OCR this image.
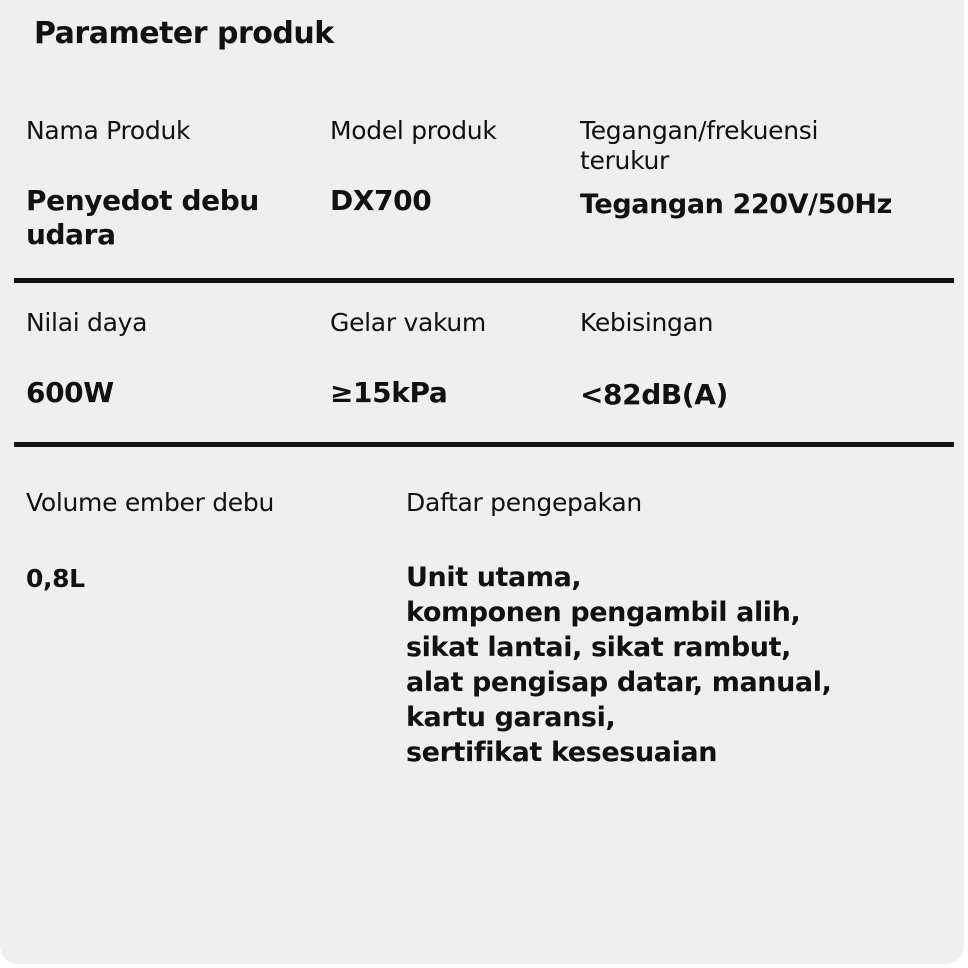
Parameter produk
Nama Produk
Penyedot debu
udara
Model produk
DX700
Tegangan/frekuensi
terukur
Tegangan 220V/50Hz
Nilai daya
600W
Gelar vakum
≥15kPa
Kebisingan
<82dB(A)
Volume ember debu
0,8L
Daftar pengepakan
Unit utama,
komponen pengambil alih,
sikat lantai, sikat rambut,
alat pengisap datar, manual,
kartu garansi,
sertifikat kesesuaian
